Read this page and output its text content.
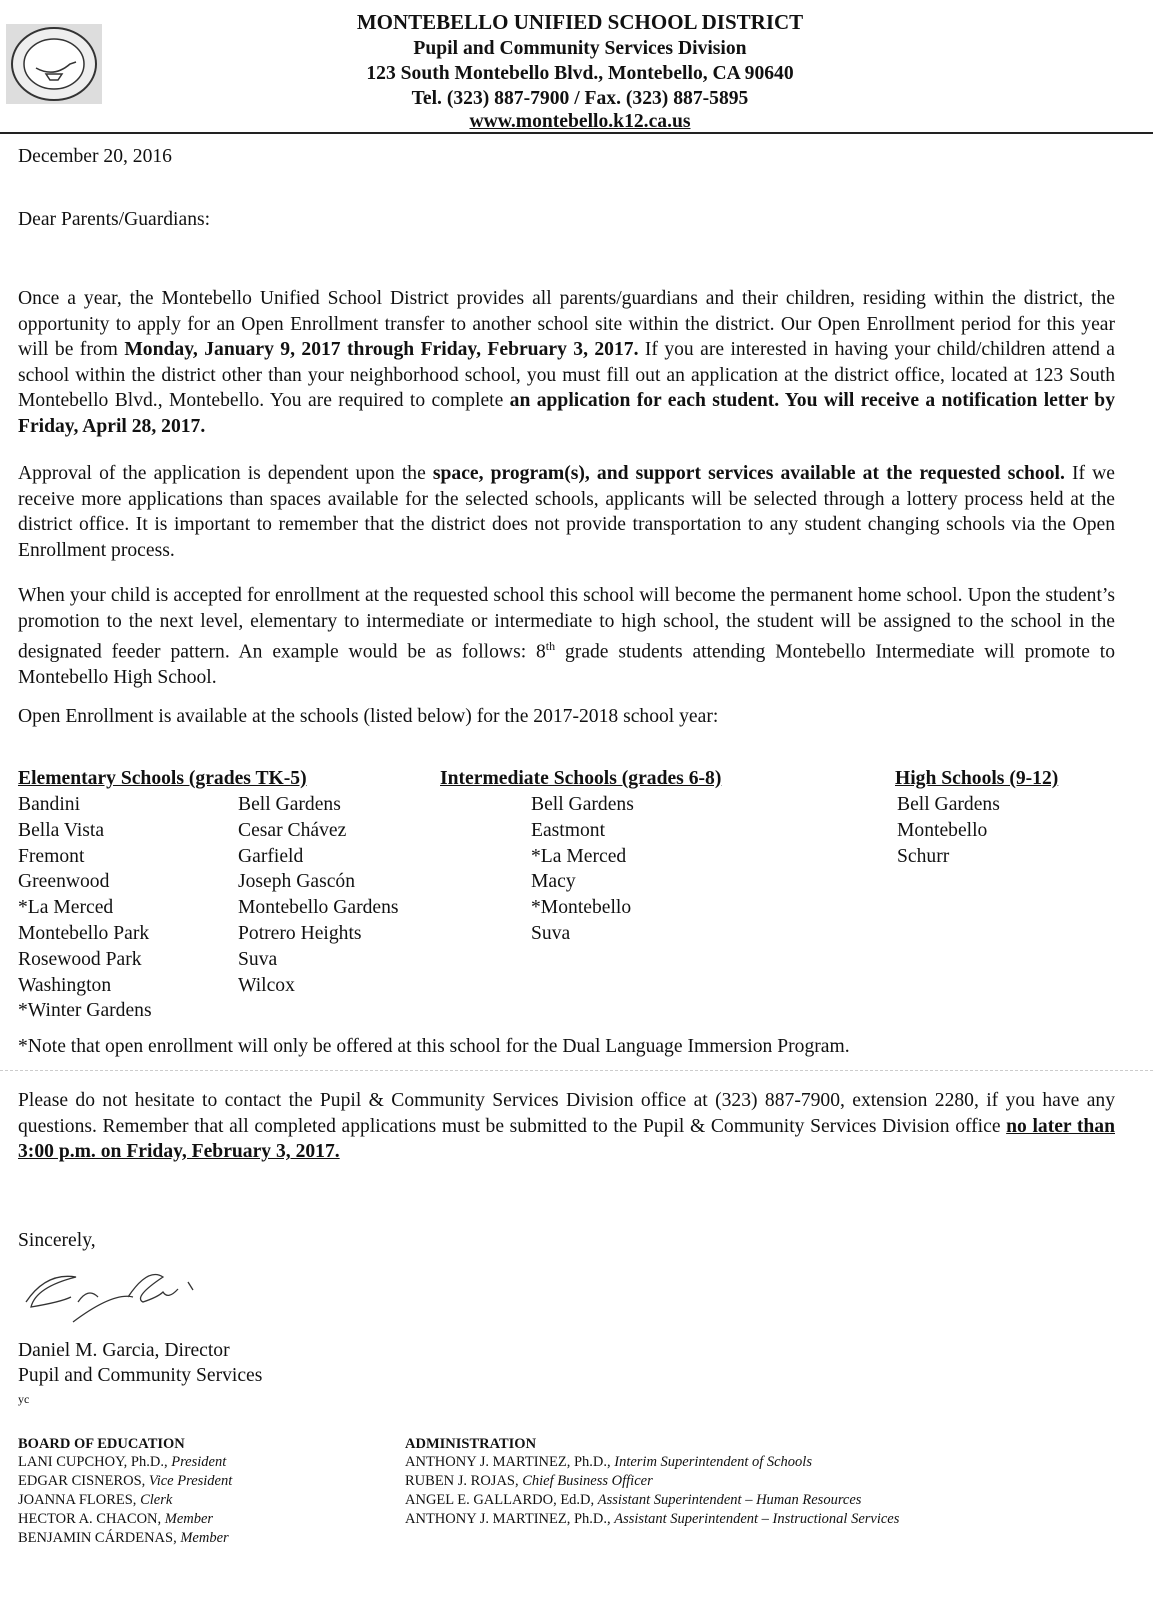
MONTEBELLO UNIFIED SCHOOL DISTRICT
Pupil and Community Services Division
123 South Montebello Blvd., Montebello, CA 90640
Tel. (323) 887-7900 / Fax. (323) 887-5895
www.montebello.k12.ca.us
December 20, 2016
Dear Parents/Guardians:
Once a year, the Montebello Unified School District provides all parents/guardians and their children, residing within the district, the opportunity to apply for an Open Enrollment transfer to another school site within the district. Our Open Enrollment period for this year will be from Monday, January 9, 2017 through Friday, February 3, 2017. If you are interested in having your child/children attend a school within the district other than your neighborhood school, you must fill out an application at the district office, located at 123 South Montebello Blvd., Montebello. You are required to complete an application for each student. You will receive a notification letter by Friday, April 28, 2017.
Approval of the application is dependent upon the space, program(s), and support services available at the requested school. If we receive more applications than spaces available for the selected schools, applicants will be selected through a lottery process held at the district office. It is important to remember that the district does not provide transportation to any student changing schools via the Open Enrollment process.
When your child is accepted for enrollment at the requested school this school will become the permanent home school. Upon the student’s promotion to the next level, elementary to intermediate or intermediate to high school, the student will be assigned to the school in the designated feeder pattern. An example would be as follows: 8th grade students attending Montebello Intermediate will promote to Montebello High School.
Open Enrollment is available at the schools (listed below) for the 2017-2018 school year:
Elementary Schools (grades TK-5)
Bandini
Bella Vista
Fremont
Greenwood
*La Merced
Montebello Park
Rosewood Park
Washington
*Winter Gardens
Bell Gardens
Cesar Chávez
Garfield
Joseph Gascón
Montebello Gardens
Potrero Heights
Suva
Wilcox
Intermediate Schools (grades 6-8)
Bell Gardens
Eastmont
*La Merced
Macy
*Montebello
Suva
High Schools (9-12)
Bell Gardens
Montebello
Schurr
*Note that open enrollment will only be offered at this school for the Dual Language Immersion Program.
Please do not hesitate to contact the Pupil & Community Services Division office at (323) 887-7900, extension 2280, if you have any questions. Remember that all completed applications must be submitted to the Pupil & Community Services Division office no later than 3:00 p.m. on Friday, February 3, 2017.
Sincerely,
Daniel M. Garcia, Director
Pupil and Community Services
yc
BOARD OF EDUCATION
LANI CUPCHOY, Ph.D., President
EDGAR CISNEROS, Vice President
JOANNA FLORES, Clerk
HECTOR A. CHACON, Member
BENJAMIN CÁRDENAS, Member
ADMINISTRATION
ANTHONY J. MARTINEZ, Ph.D., Interim Superintendent of Schools
RUBEN J. ROJAS, Chief Business Officer
ANGEL E. GALLARDO, Ed.D, Assistant Superintendent – Human Resources
ANTHONY J. MARTINEZ, Ph.D., Assistant Superintendent – Instructional Services
